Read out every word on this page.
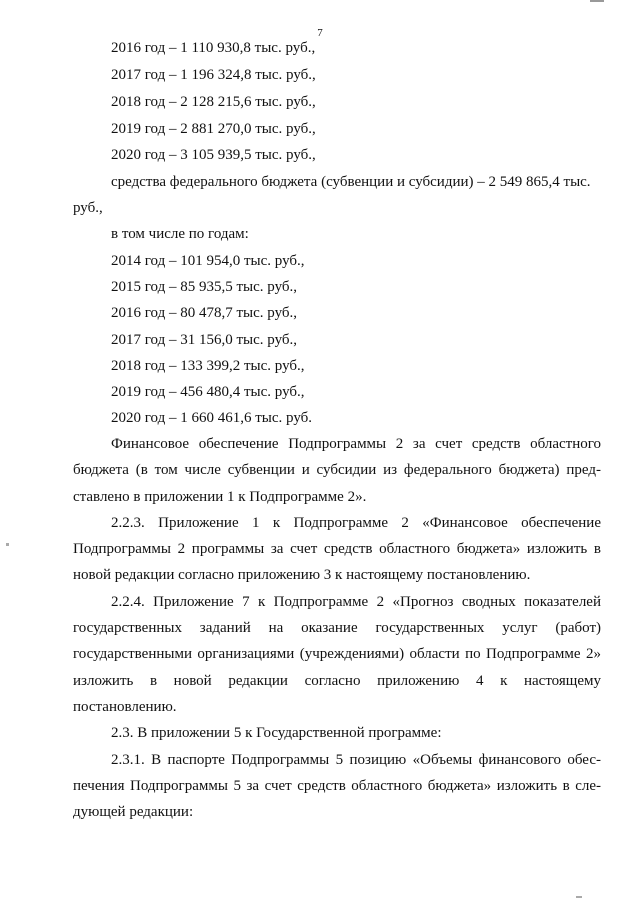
7
2016 год – 1 110 930,8 тыс. руб.,
2017 год – 1 196 324,8 тыс. руб.,
2018 год – 2 128 215,6 тыс. руб.,
2019 год – 2 881 270,0 тыс. руб.,
2020 год – 3 105 939,5 тыс. руб.,
средства федерального бюджета (субвенции и субсидии) – 2 549 865,4 тыс.
руб.,
в том числе по годам:
2014 год – 101 954,0 тыс. руб.,
2015 год – 85 935,5 тыс. руб.,
2016 год – 80 478,7 тыс. руб.,
2017 год – 31 156,0 тыс. руб.,
2018 год – 133 399,2 тыс. руб.,
2019 год – 456 480,4 тыс. руб.,
2020 год – 1 660 461,6 тыс. руб.
Финансовое обеспечение Подпрограммы 2 за счет средств областного
бюджета (в том числе субвенции и субсидии из федерального бюджета) пред-
ставлено в приложении 1 к Подпрограмме 2».
2.2.3. Приложение 1 к Подпрограмме 2 «Финансовое обеспечение
Подпрограммы 2 программы за счет средств областного бюджета» изложить в
новой редакции согласно приложению 3 к настоящему постановлению.
2.2.4. Приложение 7 к Подпрограмме 2 «Прогноз сводных показателей
государственных заданий на оказание государственных услуг (работ)
государственными организациями (учреждениями) области по Подпрограмме 2»
изложить в новой редакции согласно приложению 4 к настоящему
постановлению.
2.3. В приложении 5 к Государственной программе:
2.3.1. В паспорте Подпрограммы 5 позицию «Объемы финансового обес-
печения Подпрограммы 5 за счет средств областного бюджета» изложить в сле-
дующей редакции:
